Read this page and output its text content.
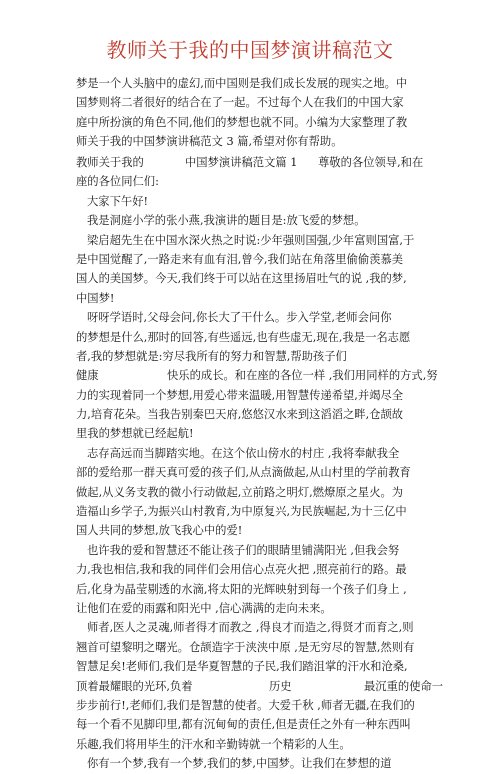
教师关于我的中国梦演讲稿范文
梦是一个人头脑中的虚幻,而中国则是我们成长发展的现实之地。中
国梦则将二者很好的结合在了一起。不过每个人在我们的中国大家
庭中所扮演的角色不同,他们的梦想也就不同。小编为大家整理了教
师关于我的中国梦演讲稿范文 3 篇,希望对你有帮助。
教师关于我的	中国梦演讲稿范文篇 1 尊敬的各位领导,和在
座的各位同仁们:
大家下午好!
我是洞庭小学的张小燕,我演讲的题目是:放飞爱的梦想。
梁启超先生在中国水深火热之时说:少年强则国强,少年富则国富,于
是中国觉醒了,一路走来有血有泪,曾今,我们站在角落里偷偷羡慕美
国人的美国梦。今天,我们终于可以站在这里扬眉吐气的说 ,我的梦,
中国梦!
呀呀学语时,父母会问,你长大了干什么。步入学堂,老师会问你
的梦想是什么,那时的回答,有些遥远,也有些虚无,现在,我是一名志愿
者,我的梦想就是:穷尽我所有的努力和智慧,帮助孩子们
健康	快乐的成长。和在座的各位一样 ,我们用同样的方式,努
力的实现着同一个梦想,用爱心带来温暖,用智慧传递希望,并竭尽全
力,培育花朵。当我告别秦巴天府,悠悠汉水来到这滔滔之畔,仓颉故
里我的梦想就已经起航!
志存高远而当脚踏实地。在这个依山傍水的村庄 ,我将奉献我全
部的爱给那一群天真可爱的孩子们,从点滴做起,从山村里的学前教育
做起,从义务支教的微小行动做起,立前路之明灯,燃燎原之星火。为
造福山乡学子,为振兴山村教育,为中原复兴,为民族崛起,为十三亿中
国人共同的梦想,放飞我心中的爱!
也许我的爱和智慧还不能让孩子们的眼睛里铺满阳光 ,但我会努
力,我也相信,我和我的同伴们会用信心点亮火把 ,照亮前行的路。最
后,化身为晶莹剔透的水滴,将太阳的光辉映射到每一个孩子们身上 ,
让他们在爱的雨露和阳光中 ,信心满满的走向未来。
师者,医人之灵魂,师者得才而教之 ,得良才而造之,得贤才而育之,则
翘首可望黎明之曙光。仓颉造字于浃浃中原 ,是无穷尽的智慧,然则有
智慧足矣!老师们,我们是华夏智慧的子民,我们踏沮掌的汗水和沧桑,
顶着最耀眼的光环,负着	历史	最沉重的使命一
步步前行!,老师们,我们是智慧的使者。大爱千秋 ,师者无疆,在我们的
每一个看不见脚印里,都有沉甸甸的责任,但是责任之外有一种东西叫
乐趣,我们将用毕生的汗水和辛勤铸就一个精彩的人生。
你有一个梦,我有一个梦,我们的梦,中国梦。让我们在梦想的道
